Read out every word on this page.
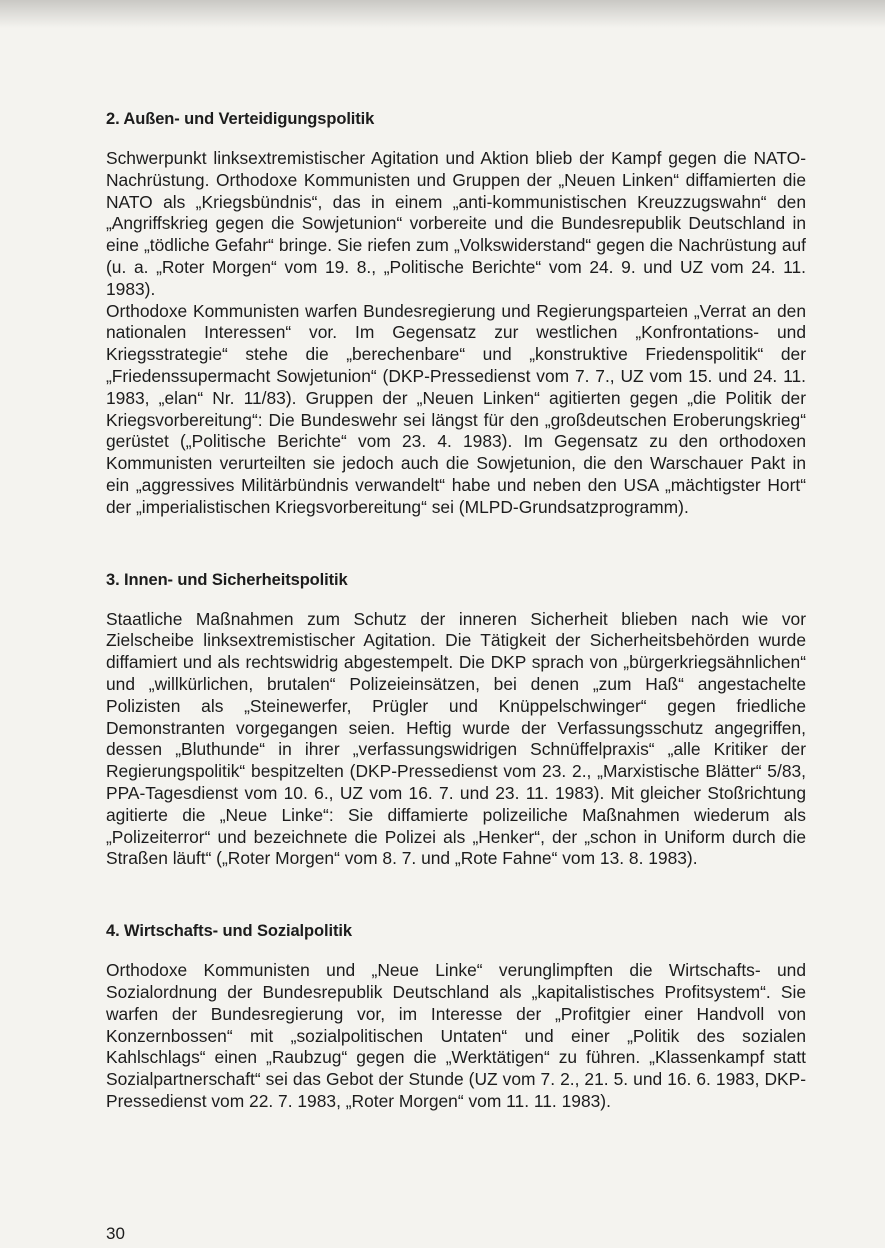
2. Außen- und Verteidigungspolitik

Schwerpunkt linksextremistischer Agitation und Aktion blieb der Kampf gegen die NATO-Nachrüstung. Orthodoxe Kommunisten und Gruppen der „Neuen Linken“ diffamierten die NATO als „Kriegsbündnis“, das in einem „anti-kommunistischen Kreuzzugswahn“ den „Angriffskrieg gegen die Sowjetunion“ vorbereite und die Bundesrepublik Deutschland in eine „tödliche Gefahr“ bringe. Sie riefen zum „Volkswiderstand“ gegen die Nachrüstung auf (u. a. „Roter Morgen“ vom 19. 8., „Politische Berichte“ vom 24. 9. und UZ vom 24. 11. 1983).

Orthodoxe Kommunisten warfen Bundesregierung und Regierungsparteien „Verrat an den nationalen Interessen“ vor. Im Gegensatz zur westlichen „Konfrontations- und Kriegsstrategie“ stehe die „berechenbare“ und „konstruktive Friedenspolitik“ der „Friedenssupermacht Sowjetunion“ (DKP-Pressedienst vom 7. 7., UZ vom 15. und 24. 11. 1983, „elan“ Nr. 11/83). Gruppen der „Neuen Linken“ agitierten gegen „die Politik der Kriegsvorbereitung“: Die Bundeswehr sei längst für den „großdeutschen Eroberungskrieg“ gerüstet („Politische Berichte“ vom 23. 4. 1983). Im Gegensatz zu den orthodoxen Kommunisten verurteilten sie jedoch auch die Sowjetunion, die den Warschauer Pakt in ein „aggressives Militärbündnis verwandelt“ habe und neben den USA „mächtigster Hort“ der „imperialistischen Kriegsvorbereitung“ sei (MLPD-Grundsatzprogramm).

3. Innen- und Sicherheitspolitik

Staatliche Maßnahmen zum Schutz der inneren Sicherheit blieben nach wie vor Zielscheibe linksextremistischer Agitation. Die Tätigkeit der Sicherheitsbehörden wurde diffamiert und als rechtswidrig abgestempelt. Die DKP sprach von „bürgerkriegsähnlichen“ und „willkürlichen, brutalen“ Polizeieinsätzen, bei denen „zum Haß“ angestachelte Polizisten als „Steinewerfer, Prügler und Knüppelschwinger“ gegen friedliche Demonstranten vorgegangen seien. Heftig wurde der Verfassungsschutz angegriffen, dessen „Bluthunde“ in ihrer „verfassungswidrigen Schnüffelpraxis“ „alle Kritiker der Regierungspolitik“ bespitzelten (DKP-Pressedienst vom 23. 2., „Marxistische Blätter“ 5/83, PPA-Tagesdienst vom 10. 6., UZ vom 16. 7. und 23. 11. 1983). Mit gleicher Stoßrichtung agitierte die „Neue Linke“: Sie diffamierte polizeiliche Maßnahmen wiederum als „Polizeiterror“ und bezeichnete die Polizei als „Henker“, der „schon in Uniform durch die Straßen läuft“ („Roter Morgen“ vom 8. 7. und „Rote Fahne“ vom 13. 8. 1983).

4. Wirtschafts- und Sozialpolitik

Orthodoxe Kommunisten und „Neue Linke“ verunglimpften die Wirtschafts- und Sozialordnung der Bundesrepublik Deutschland als „kapitalistisches Profitsystem“. Sie warfen der Bundesregierung vor, im Interesse der „Profitgier einer Handvoll von Konzernbossen“ mit „sozialpolitischen Untaten“ und einer „Politik des sozialen Kahlschlags“ einen „Raubzug“ gegen die „Werktätigen“ zu führen. „Klassenkampf statt Sozialpartnerschaft“ sei das Gebot der Stunde (UZ vom 7. 2., 21. 5. und 16. 6. 1983, DKP-Pressedienst vom 22. 7. 1983, „Roter Morgen“ vom 11. 11. 1983).

30
